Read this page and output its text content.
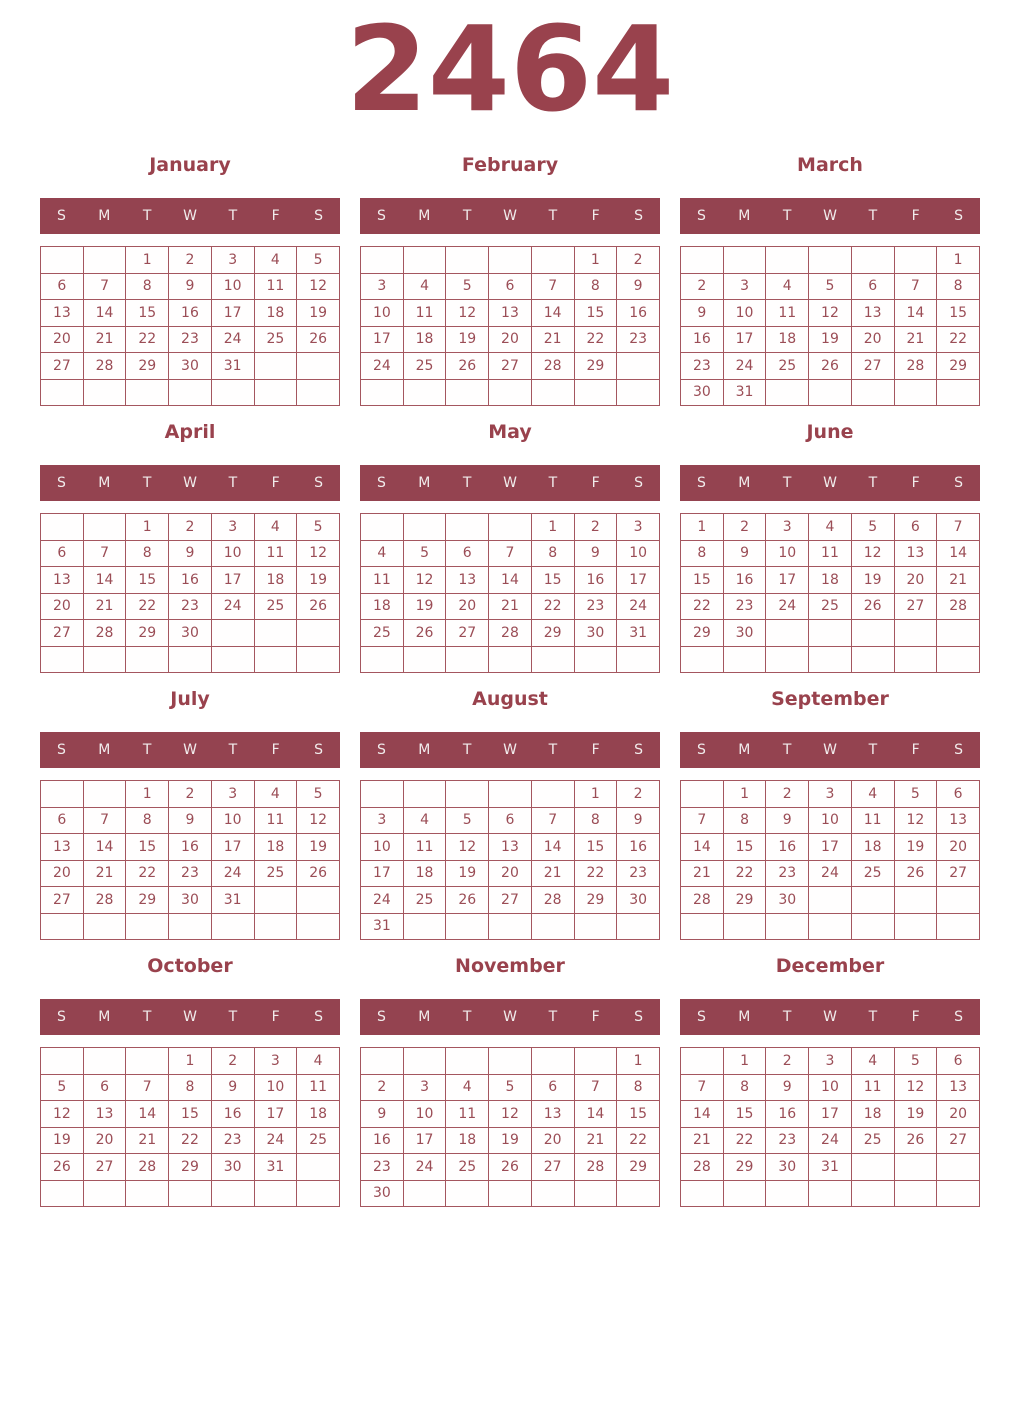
2464
January
S	M	T	W	T	F	S
		1	2	3	4	5
6	7	8	9	10	11	12
13	14	15	16	17	18	19
20	21	22	23	24	25	26
27	28	29	30	31		

February
S	M	T	W	T	F	S
					1	2
3	4	5	6	7	8	9
10	11	12	13	14	15	16
17	18	19	20	21	22	23
24	25	26	27	28	29	

March
S	M	T	W	T	F	S
						1
2	3	4	5	6	7	8
9	10	11	12	13	14	15
16	17	18	19	20	21	22
23	24	25	26	27	28	29
30	31					
April
S	M	T	W	T	F	S
		1	2	3	4	5
6	7	8	9	10	11	12
13	14	15	16	17	18	19
20	21	22	23	24	25	26
27	28	29	30			

May
S	M	T	W	T	F	S
				1	2	3
4	5	6	7	8	9	10
11	12	13	14	15	16	17
18	19	20	21	22	23	24
25	26	27	28	29	30	31

June
S	M	T	W	T	F	S
1	2	3	4	5	6	7
8	9	10	11	12	13	14
15	16	17	18	19	20	21
22	23	24	25	26	27	28
29	30					

July
S	M	T	W	T	F	S
		1	2	3	4	5
6	7	8	9	10	11	12
13	14	15	16	17	18	19
20	21	22	23	24	25	26
27	28	29	30	31		

August
S	M	T	W	T	F	S
					1	2
3	4	5	6	7	8	9
10	11	12	13	14	15	16
17	18	19	20	21	22	23
24	25	26	27	28	29	30
31						
September
S	M	T	W	T	F	S
	1	2	3	4	5	6
7	8	9	10	11	12	13
14	15	16	17	18	19	20
21	22	23	24	25	26	27
28	29	30				

October
S	M	T	W	T	F	S
			1	2	3	4
5	6	7	8	9	10	11
12	13	14	15	16	17	18
19	20	21	22	23	24	25
26	27	28	29	30	31	

November
S	M	T	W	T	F	S
						1
2	3	4	5	6	7	8
9	10	11	12	13	14	15
16	17	18	19	20	21	22
23	24	25	26	27	28	29
30						
December
S	M	T	W	T	F	S
	1	2	3	4	5	6
7	8	9	10	11	12	13
14	15	16	17	18	19	20
21	22	23	24	25	26	27
28	29	30	31			
